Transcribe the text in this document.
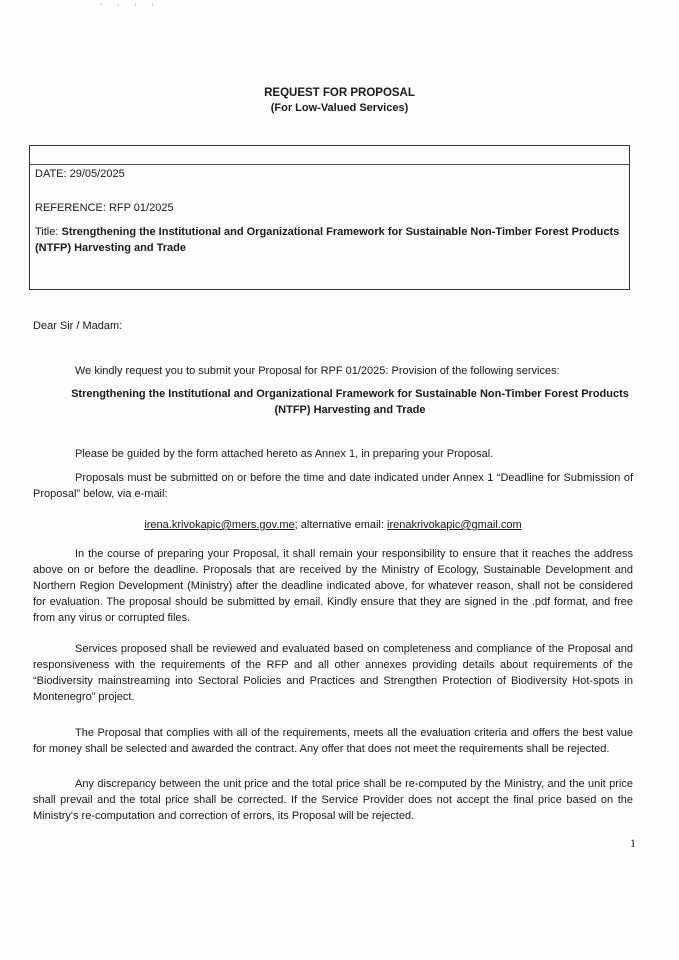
' ' ' '
REQUEST FOR PROPOSAL
(For Low-Valued Services)
DATE: 29/05/2025
REFERENCE: RFP 01/2025
Title: Strengthening the Institutional and Organizational Framework for Sustainable Non-Timber Forest Products (NTFP) Harvesting and Trade
Dear Sir / Madam:
We kindly request you to submit your Proposal for RPF 01/2025: Provision of the following services:
Strengthening the Institutional and Organizational Framework for Sustainable Non-Timber Forest Products
(NTFP) Harvesting and Trade
Please be guided by the form attached hereto as Annex 1, in preparing your Proposal.
Proposals must be submitted on or before the time and date indicated under Annex 1 “Deadline for Submission of Proposal” below, via e-mail:
irena.krivokapic@mers.gov.me; alternative email: irenakrivokapic@gmail.com
In the course of preparing your Proposal, it shall remain your responsibility to ensure that it reaches the address above on or before the deadline. Proposals that are received by the Ministry of Ecology, Sustainable Development and Northern Region Development (Ministry) after the deadline indicated above, for whatever reason, shall not be considered for evaluation. The proposal should be submitted by email. Kindly ensure that they are signed in the .pdf format, and free from any virus or corrupted files.
Services proposed shall be reviewed and evaluated based on completeness and compliance of the Proposal and responsiveness with the requirements of the RFP and all other annexes providing details about requirements of the “Biodiversity mainstreaming into Sectoral Policies and Practices and Strengthen Protection of Biodiversity Hot-spots in Montenegro” project.
The Proposal that complies with all of the requirements, meets all the evaluation criteria and offers the best value for money shall be selected and awarded the contract. Any offer that does not meet the requirements shall be rejected.
Any discrepancy between the unit price and the total price shall be re-computed by the Ministry, and the unit price shall prevail and the total price shall be corrected. If the Service Provider does not accept the final price based on the Ministry's re-computation and correction of errors, its Proposal will be rejected.
1
